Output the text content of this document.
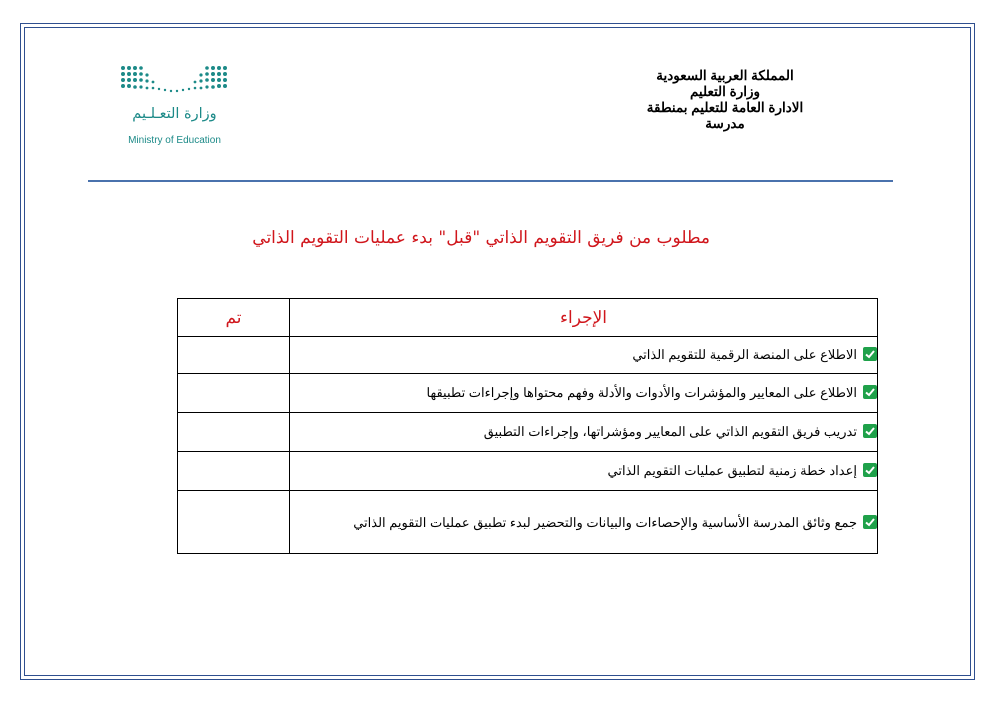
المملكة العربية السعودية
وزارة التعليم
الادارة العامة للتعليم بمنطقة
مدرسة
وزارة التعـلـيم
Ministry of Education
مطلوب من فريق التقويم الذاتي "قبل" بدء عمليات التقويم الذاتي
الإجراء	تم

الاطلاع على المنصة الرقمية للتقويم الذاتي	

الاطلاع على المعايير والمؤشرات والأدوات والأدلة وفهم محتواها وإجراءات تطبيقها	

تدريب فريق التقويم الذاتي على المعايير ومؤشراتها، وإجراءات التطبيق	

إعداد خطة زمنية لتطبيق عمليات التقويم الذاتي	

جمع وثائق المدرسة الأساسية والإحصاءات والبيانات والتحضير لبدء تطبيق عمليات التقويم الذاتي	
